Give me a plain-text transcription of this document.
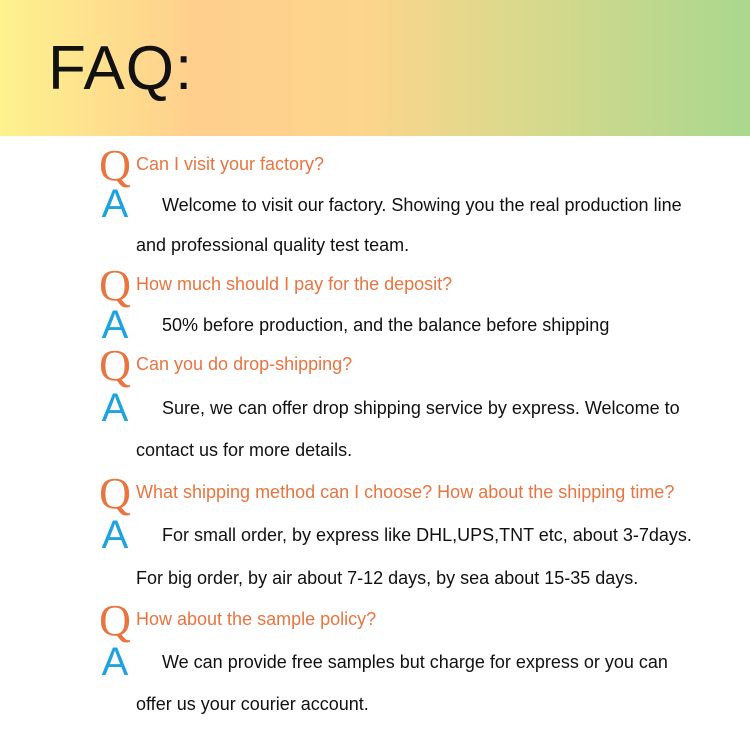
FAQ:
Q Can I visit your factory?
A Welcome to visit our factory. Showing you the real production line
and professional quality test team.
Q How much should I pay for the deposit?
A 50% before production, and the balance before shipping
Q Can you do drop-shipping?
A Sure, we can offer drop shipping service by express. Welcome to
contact us for more details.
Q What shipping method can I choose? How about the shipping time?
A For small order, by express like DHL,UPS,TNT etc, about 3-7days.
For big order, by air about 7-12 days, by sea about 15-35 days.
Q How about the sample policy?
A We can provide free samples but charge for express or you can
offer us your courier account.
